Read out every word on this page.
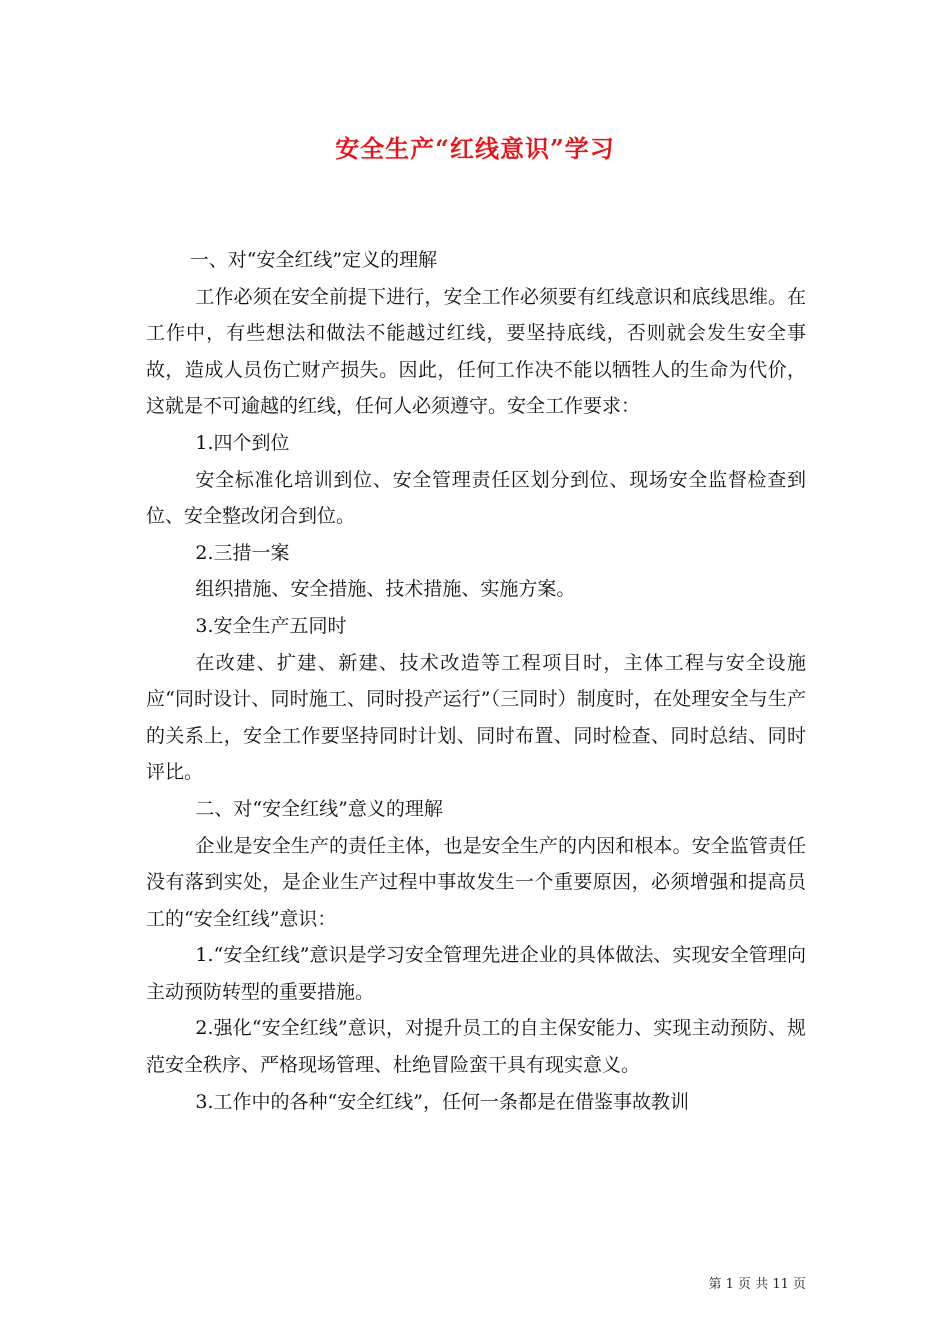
安全生产“红线意识”学习

一、对“安全红线”定义的理解

工作必须在安全前提下进行，安全工作必须要有红线意识和底线思维。在工作中，有些想法和做法不能越过红线，要坚持底线，否则就会发生安全事故，造成人员伤亡财产损失。因此，任何工作决不能以牺牲人的生命为代价，这就是不可逾越的红线，任何人必须遵守。安全工作要求：

1.四个到位

安全标准化培训到位、安全管理责任区划分到位、现场安全监督检查到位、安全整改闭合到位。

2.三措一案

组织措施、安全措施、技术措施、实施方案。

3.安全生产五同时

在改建、扩建、新建、技术改造等工程项目时，主体工程与安全设施应“同时设计、同时施工、同时投产运行”（三同时）制度时，在处理安全与生产的关系上，安全工作要坚持同时计划、同时布置、同时检查、同时总结、同时评比。

二、对“安全红线”意义的理解

企业是安全生产的责任主体，也是安全生产的内因和根本。安全监管责任没有落到实处，是企业生产过程中事故发生一个重要原因，必须增强和提高员工的“安全红线”意识：

1.“安全红线”意识是学习安全管理先进企业的具体做法、实现安全管理向主动预防转型的重要措施。

2.强化“安全红线”意识，对提升员工的自主保安能力、实现主动预防、规范安全秩序、严格现场管理、杜绝冒险蛮干具有现实意义。

3.工作中的各种“安全红线”，任何一条都是在借鉴事故教训

第 1 页 共 11 页
